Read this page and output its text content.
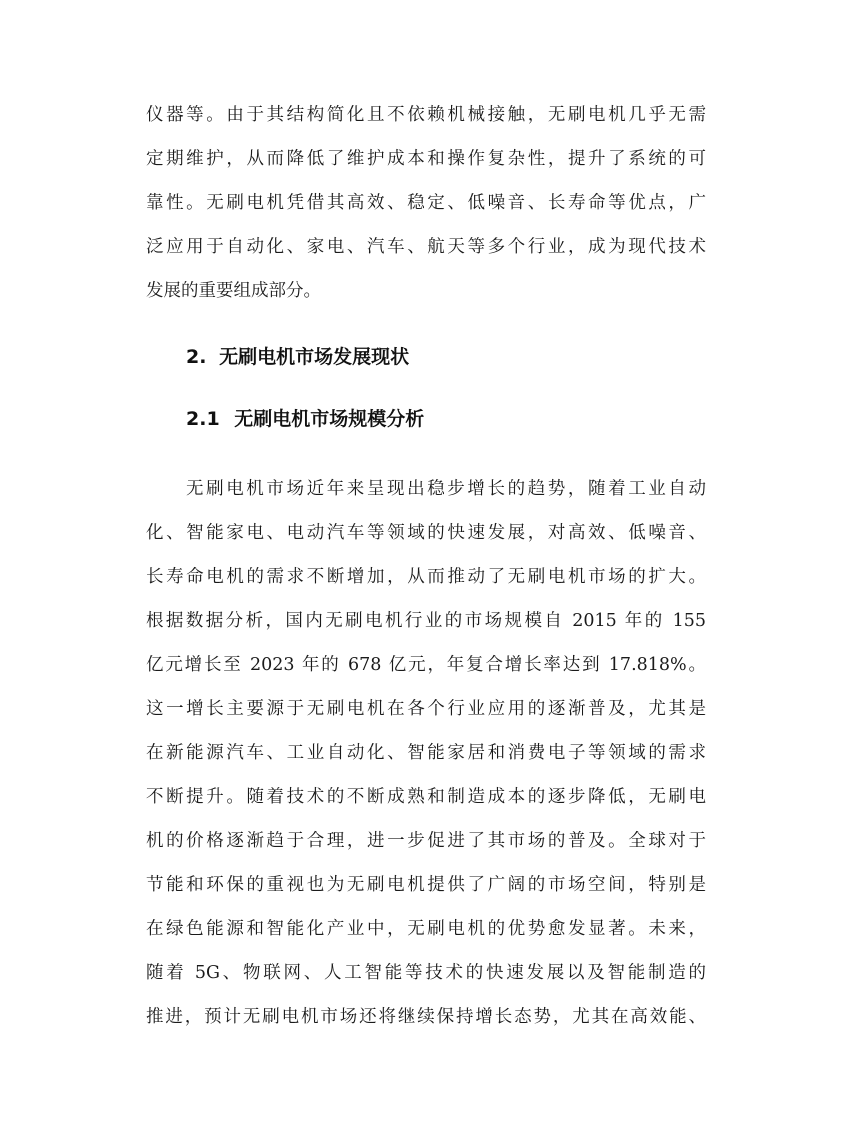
仪器等。由于其结构简化且不依赖机械接触，无刷电机几乎无需
定期维护，从而降低了维护成本和操作复杂性，提升了系统的可
靠性。无刷电机凭借其高效、稳定、低噪音、长寿命等优点，广
泛应用于自动化、家电、汽车、航天等多个行业，成为现代技术
发展的重要组成部分。
2. 无刷电机市场发展现状
2.1 无刷电机市场规模分析
无刷电机市场近年来呈现出稳步增长的趋势，随着工业自动
化、智能家电、电动汽车等领域的快速发展，对高效、低噪音、
长寿命电机的需求不断增加，从而推动了无刷电机市场的扩大。
根据数据分析，国内无刷电机行业的市场规模自 2015 年的 155
亿元增长至 2023 年的 678 亿元，年复合增长率达到 17.818%。
这一增长主要源于无刷电机在各个行业应用的逐渐普及，尤其是
在新能源汽车、工业自动化、智能家居和消费电子等领域的需求
不断提升。随着技术的不断成熟和制造成本的逐步降低，无刷电
机的价格逐渐趋于合理，进一步促进了其市场的普及。全球对于
节能和环保的重视也为无刷电机提供了广阔的市场空间，特别是
在绿色能源和智能化产业中，无刷电机的优势愈发显著。未来，
随着 5G、物联网、人工智能等技术的快速发展以及智能制造的
推进，预计无刷电机市场还将继续保持增长态势，尤其在高效能、
